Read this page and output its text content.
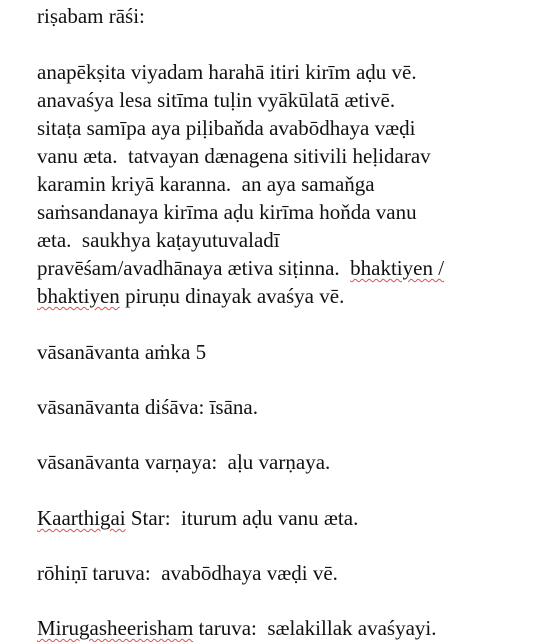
riṣabam rāśi:
anapēkṣita viyadam harahā itiri kirīm aḍu vē.
anavaśya lesa sitīma tuḷin vyākūlatā ætivē.
sitaṭa samīpa aya piḷibaňda avabōdhaya væḍi
vanu æta.  tatvayan dænagena sitivili heḷidarav
karamin kriyā karanna.  an aya samaňga
saṁsandanaya kirīma aḍu kirīma hoňda vanu
æta.  saukhya kaṭayutuvaladī
pravēśam/avadhānaya ætiva siṭinna.  bhaktiyen /
bhaktiyen piruṇu dinayak avaśya vē.
vāsanāvanta aṁka 5
vāsanāvanta diśāva: īsāna.
vāsanāvanta varṇaya:  aḷu varṇaya.
Kaarthigai Star:  iturum aḍu vanu æta.
rōhiṇī taruva:  avabōdhaya væḍi vē.
Mirugasheerisham taruva:  sælakillak avaśyayi.
